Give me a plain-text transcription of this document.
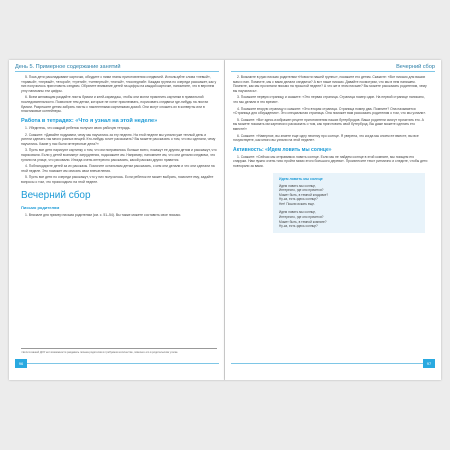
День 5. Примерное содержание занятий

5. Пока дети раскладывают карточки, обсудите с ними этапы приготовления сэндвичей. Используйте слова «левый», «правый», «первый», «второй», «третий», «четвертый», «пятый», «последний». Каждая группа по очереди расскажет, как у них получилось приготовить сэндвич. Обратите внимание детей на цифры на каждой карточке, напомните, что в верхнем углу написаны эти цифры.

6. Всем желающим раздайте листы бумаги и клей-карандаш, чтобы они могли приклеить картинки в правильной последовательности. Позвольте тем детям, которые не хотят приклеивать, порисовать сэндвичи где-нибудь на листах бумаги. Разрешите детям забрать листы с наклеенными картинками домой. Они могут сложить их в конверты или в пластиковые контейнеры.

Работа в тетрадях: «Что я узнал на этой неделе»

1. Убедитесь, что каждый ребенок получил свою рабочую тетрадь.

2. Скажите: «Давайте подумаем, чему мы научились за эту неделю. На этой неделе мы узнали уже теплый день и успели сделать так много разных вещей. Кто-нибудь хочет рассказать? Вы можете рассказать о том, что вы сделали, чему научились. Какие у нас были интересные дела?»

3. Пусть все дети нарисуют картинку о том, что им понравилось больше всего, покажут ее другим детям и расскажут, что нарисовали. Если у детей возникнут затруднения, подскажите им. Например, напомните им, что они делали сэндвичи, что гуляли на улице, что рисовали. Иногда очень интересно рассказать, какой рассказ других нравится.

4. Поблагодарите детей за их рассказы. Помогите остальным детям рассказать, с кем они делали и что они сделали на этой неделе. Это поможет им описать свои впечатления.

5. Пусть все дети по очереди расскажут, что у них получилось. Если ребенок не может выбрать, помогите ему, задайте вопросы о том, что происходило на этой неделе.

Вечерний сбор
Письмо родителям

1. Вначале дня пример письма родителям (см. с. 51–54). Вы также можете составить свое письмо.

¹ Если в вашей ДОУ нет возможности раздавать письма родителям в требуемом количестве, повесьте его в родительском уголке.
96
Вечерний сбор

2. Возьмите в руки письмо родителям «Новости нашей группы», покажите его детям. Скажите: «Вот письмо для ваших мам и пап. Помните, мы с вами делали сэндвичи? А вот наше письмо. Давайте посмотрим, что мы в нем напишем. Помните, как мы прочитали письмо на прошлой неделе? А что же в этом письме? Вы можете рассказать родителям, чему вы научились».

3. Покажите первую страницу и скажите: «Это первая страница. Страница номер один. На первой странице написано, что мы делали в это время».

4. Покажите вторую страницу и скажите: «Это вторая страница. Страница номер два. Помните? Она называется «Страница для обсуждения». Это специальная страница. Она поможет вам рассказать родителям о том, что мы узнали».

5. Скажите: «Вот здесь изображен рецепт приготовления наших бутербродов. Ваши родители смогут прочитать его. А вы можете показать им картинки и рассказать о том, как приготовить свой бутерброд. Вы даже можете сделать его вместе!»

6. Скажите: «Наверное, вы знаете еще одну песенку про солнце. Я уверена, что когда мы споем ее вместе, вы все почувствуете, как много вы узнали на этой неделе».

Активность: «Идем ловить мы солнце»

1. Скажите: «Сейчас мы отправимся ловить солнце. Если мы не найдем солнце в этой комнате, мы поищем его снаружи. Нам нужно очень тихо пройти мимо этого большого дерева». Произнесите текст ритмично и следите, чтобы дети повторяли за вами.

Идем ловить мы солнце
Идем ловить мы солнце,
Интересно, где оно прячется?
Может быть, в темной кладовке?
Ну-ка, есть здесь солнце?
Нет! Пошли искать еще.
Идем ловить мы солнце,
Интересно, где оно прячется?
Может быть, в темной комнате?
Ну-ка, есть здесь солнце?
97
